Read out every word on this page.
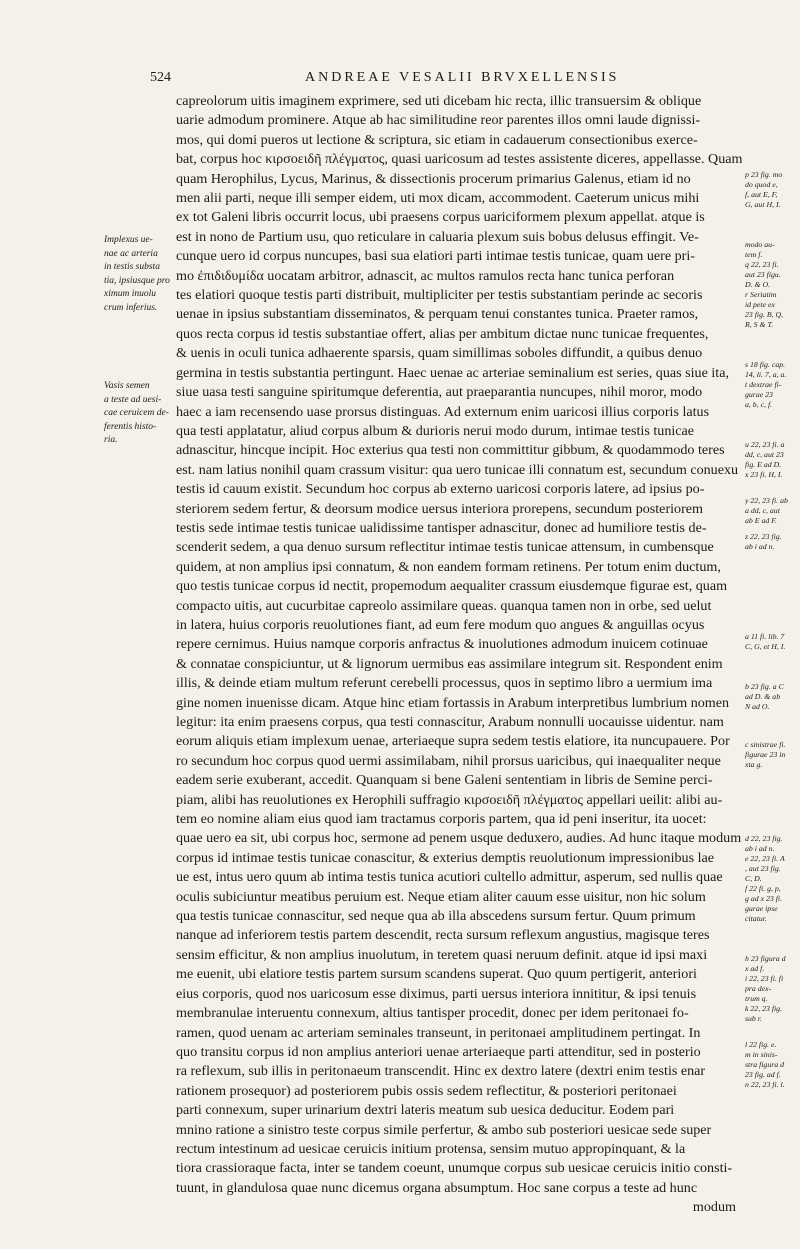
524	ANDREAE VESALII BRVXELLENSIS
capreolorum uitis imaginem exprimere, sed uti dicebam hic recta, illic transuersim & oblique
uarie admodum prominere. Atque ab hac similitudine reor parentes illos omni laude dignissi-
mos, qui domi pueros ut lectione & scriptura, sic etiam in cadauerum consectionibus exerce-
bat, corpus hoc κιρσοειδῆ πλέγματος, quasi uaricosum ad testes assistente diceres, appellasse. Quam
quam Herophilus, Lycus, Marinus, & dissectionis procerum primarius Galenus, etiam id no
men alii parti, neque illi semper eidem, uti mox dicam, accommodent. Caeterum unicus mihi
ex tot Galeni libris occurrit locus, ubi praesens corpus uariciformem plexum appellat. atque is
est in nono de Partium usu, quo reticulare in caluaria plexum suis bobus delusus effingit. Ve-
cunque uero id corpus nuncupes, basi sua elatiori parti intimae testis tunicae, quam uere pri-
mo ἐπιδιδυμίδα uocatam arbitror, adnascit, ac multos ramulos recta hanc tunica perforan
tes elatiori quoque testis parti distribuit, multipliciter per testis substantiam perinde ac secoris
uenae in ipsius substantiam disseminatos, & perquam tenui constantes tunica. Praeter ramos,
quos recta corpus id testis substantiae offert, alias per ambitum dictae nunc tunicae frequentes,
& uenis in oculi tunica adhaerente sparsis, quam simillimas soboles diffundit, a quibus denuo
germina in testis substantia pertingunt. Haec uenae ac arteriae seminalium est series, quas siue ita,
siue uasa testi sanguine spiritumque deferentia, aut praeparantia nuncupes, nihil moror, modo
haec a iam recensendo uase prorsus distinguas. Ad externum enim uaricosi illius corporis latus
qua testi applatatur, aliud corpus album & durioris nerui modo durum, intimae testis tunicae
adnascitur, hincque incipit. Hoc exterius qua testi non committitur gibbum, & quodammodo teres
est. nam latius nonihil quam crassum visitur: qua uero tunicae illi connatum est, secundum conuexu
testis id cauum existit. Secundum hoc corpus ab externo uaricosi corporis latere, ad ipsius po-
steriorem sedem fertur, & deorsum modice uersus interiora prorepens, secundum posteriorem
testis sede intimae testis tunicae ualidissime tantisper adnascitur, donec ad humiliore testis de-
scenderit sedem, a qua denuo sursum reflectitur intimae testis tunicae attensum, in cumbensque
quidem, at non amplius ipsi connatum, & non eandem formam retinens. Per totum enim ductum,
quo testis tunicae corpus id nectit, propemodum aequaliter crassum eiusdemque figurae est, quam
compacto uitis, aut cucurbitae capreolo assimilare queas. quanqua tamen non in orbe, sed uelut
in latera, huius corporis reuolutiones fiant, ad eum fere modum quo angues & anguillas ocyus
repere cernimus. Huius namque corporis anfractus & inuolutiones admodum inuicem cotinuae
& connatae conspiciuntur, ut & lignorum uermibus eas assimilare integrum sit. Respondent enim
illis, & deinde etiam multum referunt cerebelli processus, quos in septimo libro a uermium ima
gine nomen inuenisse dicam. Atque hinc etiam fortassis in Arabum interpretibus lumbrium nomen
legitur: ita enim praesens corpus, qua testi connascitur, Arabum nonnulli uocauisse uidentur. nam
eorum aliquis etiam implexum uenae, arteriaeque supra sedem testis elatiore, ita nuncupauere. Por
ro secundum hoc corpus quod uermi assimilabam, nihil prorsus uaricibus, qui inaequaliter neque
eadem serie exuberant, accedit. Quanquam si bene Galeni sententiam in libris de Semine perci-
piam, alibi has reuolutiones ex Herophili suffragio κιρσοειδῆ πλέγματος appellari ueilit: alibi au-
tem eo nomine aliam eius quod iam tractamus corporis partem, qua id peni inseritur, ita uocet:
quae uero ea sit, ubi corpus hoc, sermone ad penem usque deduxero, audies. Ad hunc itaque modum
corpus id intimae testis tunicae conascitur, & exterius demptis reuolutionum impressionibus lae
ue est, intus uero quum ab intima testis tunica acutiori cultello admittur, asperum, sed nullis quae
oculis subiciuntur meatibus peruium est. Neque etiam aliter cauum esse uisitur, non hic solum
qua testis tunicae connascitur, sed neque qua ab illa abscedens sursum fertur. Quum primum
nanque ad inferiorem testis partem descendit, recta sursum reflexum angustius, magisque teres
sensim efficitur, & non amplius inuolutum, in teretem quasi neruum definit. atque id ipsi maxi
me euenit, ubi elatiore testis partem sursum scandens superat. Quo quum pertigerit, anteriori
eius corporis, quod nos uaricosum esse diximus, parti uersus interiora innititur, & ipsi tenuis
membranulae interuentu connexum, altius tantisper procedit, donec per idem peritonaei fo-
ramen, quod uenam ac arteriam seminales transeunt, in peritonaei amplitudinem pertingat. In
quo transitu corpus id non amplius anteriori uenae arteriaeque parti attenditur, sed in posterio
ra reflexum, sub illis in peritonaeum transcendit. Hinc ex dextro latere (dextri enim testis enar
rationem prosequor) ad posteriorem pubis ossis sedem reflectitur, & posteriori peritonaei
parti connexum, super urinarium dextri lateris meatum sub uesica deducitur. Eodem pari
mnino ratione a sinistro teste corpus simile perfertur, & ambo sub posteriori uesicae sede super
rectum intestinum ad uesicae ceruicis initium protensa, sensim mutuo appropinquant, & la
tiora crassioraque facta, inter se tandem coeunt, unumque corpus sub uesicae ceruicis initio consti-
tuunt, in glandulosa quae nunc dicemus organa absumptum. Hoc sane corpus a teste ad hunc
modum
Implexus ue-
nae ac arteria
in testis substa
tia, ipsiusque pro
ximum inuolu
crum inferius.
Vasis semen
a teste ad uesi-
cae ceruicem de-
ferentis histo-
ria.
p 23 fig. mo
do quod e,
f, aut E, F,
G, aut H, I.
modo au-
tem f.
q 22, 23 fi.
aut 23 figu.
D. & O.
r Seriatim
id pete ex
23 fig. B, Q,
R, S & T.
s 18 fig. cap.
14, li. 7, a, a.
t dextrae fi-
gurae 23
a, b, c, f.
u 22, 23 fi. a
dd, c, aut 23
fig. E ad D.
x 23 fi. H, I.
y 22, 23 fi. ab
a dd, c, aut
ab E ad F.
z 22, 23 fig.
ab i ad n.
a 11 fi. lib. 7
C, G, et H, I.
b 23 fig. a C
ad D. & ab
N ad O.
c sinistrae fi.
figurae 23 in
xta g.
d 22, 23 fig.
ab i ad n.
e 22, 23 fi. A
, aut 23 fig.
C, D.
f 22 fi. g, p,
g ad x 23 fi.
gurae ipse
citatur.
h 23 figura d
x ad f.
i 22, 23 fi. fi
pra dex-
trum q.
k 22, 23 fig.
sub r.
l 22 fig. e.
m in sinis-
stra figura d
23 fig. ad f.
n 22, 23 fi. l.
